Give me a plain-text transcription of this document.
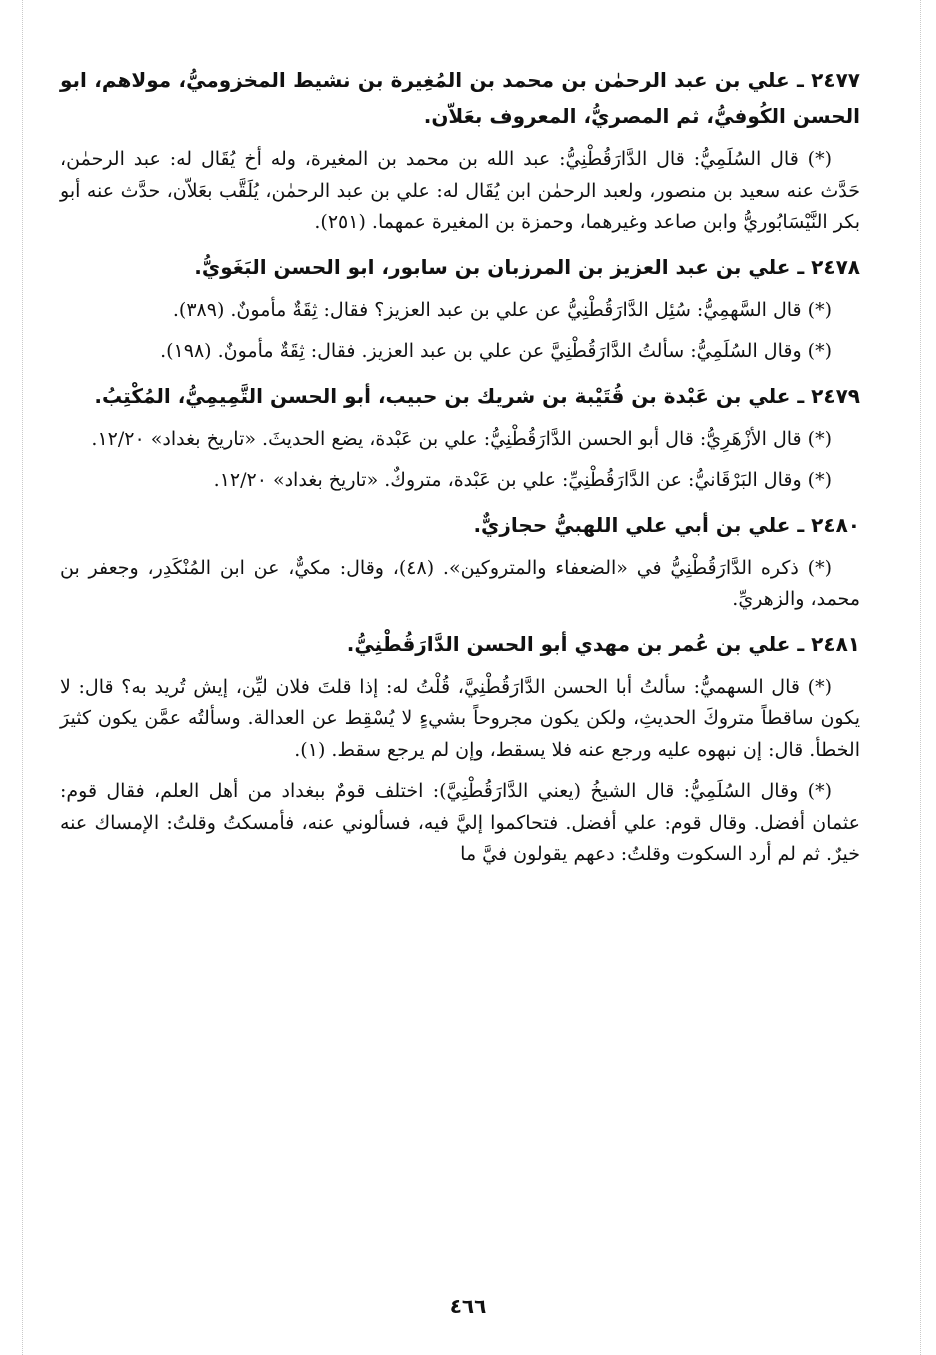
٢٤٧٧ ـ علي بن عبد الرحمٰن بن محمد بن المُغِيرة بن نشيط المخزوميُّ، مولاهم، ابو الحسن الكُوفيُّ، ثم المصريُّ، المعروف بعَلاّن.

(*) قال السُلَمِيُّ: قال الدَّارَقُطْنِيُّ: عبد الله بن محمد بن المغيرة، وله أخ يُقَال له: عبد الرحمٰن، حَدَّث عنه سعيد بن منصور، ولعبد الرحمٰن ابن يُقَال له: علي بن عبد الرحمٰن، يُلَقَّب بعَلاّن، حدَّث عنه أبو بكر النَّيْسَابُوريُّ وابن صاعد وغيرهما، وحمزة بن المغيرة عمهما. (٢٥١).

٢٤٧٨ ـ علي بن عبد العزيز بن المرزبان بن سابور، ابو الحسن البَغَويُّ.

(*) قال السَّهمِيُّ: سُئِل الدَّارَقُطْنِيُّ عن علي بن عبد العزيز؟ فقال: ثِقَةٌ مأمونٌ. (٣٨٩).

(*) وقال السُلَمِيُّ: سألتُ الدَّارَقُطْنِيَّ عن علي بن عبد العزيز. فقال: ثِقَةٌ مأمونٌ. (١٩٨).

٢٤٧٩ ـ علي بن عَبْدة بن قُتَيْبة بن شريك بن حبيب، أبو الحسن التَّمِيمِيُّ، المُكْتِبُ.

(*) قال الأزْهَرِيُّ: قال أبو الحسن الدَّارَقُطْنِيُّ: علي بن عَبْدة، يضع الحديثَ. «تاريخ بغداد» ١٢/٢٠.

(*) وقال البَرْقَانيُّ: عن الدَّارَقُطْنِيِّ: علي بن عَبْدة، متروكٌ. «تاريخ بغداد» ١٢/٢٠.

٢٤٨٠ ـ علي بن أبي علي اللهبيُّ حجازيٌّ.

(*) ذكره الدَّارَقُطْنِيُّ في «الضعفاء والمتروكين». (٤٨)، وقال: مكيٌّ، عن ابن المُنْكَدِر، وجعفر بن محمد، والزهريِّ.

٢٤٨١ ـ علي بن عُمر بن مهدي أبو الحسن الدَّارَقُطْنِيُّ.

(*) قال السهميُّ: سألتُ أبا الحسن الدَّارَقُطْنِيَّ، قُلْتُ له: إذا قلتَ فلان ليِّن، إيش تُريد به؟ قال: لا يكون ساقطاً متروكَ الحديثِ، ولكن يكون مجروحاً بشيءٍ لا يُسْقِط عن العدالة. وسألتُه عمَّن يكون كثيرَ الخطأ. قال: إن نبهوه عليه ورجع عنه فلا يسقط، وإن لم يرجع سقط. (١).

(*) وقال السُلَمِيُّ: قال الشيخُ (يعني الدَّارَقُطْنِيَّ): اختلف قومٌ ببغداد من أهل العلم، فقال قوم: عثمان أفضل. وقال قوم: علي أفضل. فتحاكموا إليَّ فيه، فسألوني عنه، فأمسكتُ وقلتُ: الإمساك عنه خيرٌ. ثم لم أرد السكوت وقلتُ: دعهم يقولون فيَّ ما

٤٦٦
